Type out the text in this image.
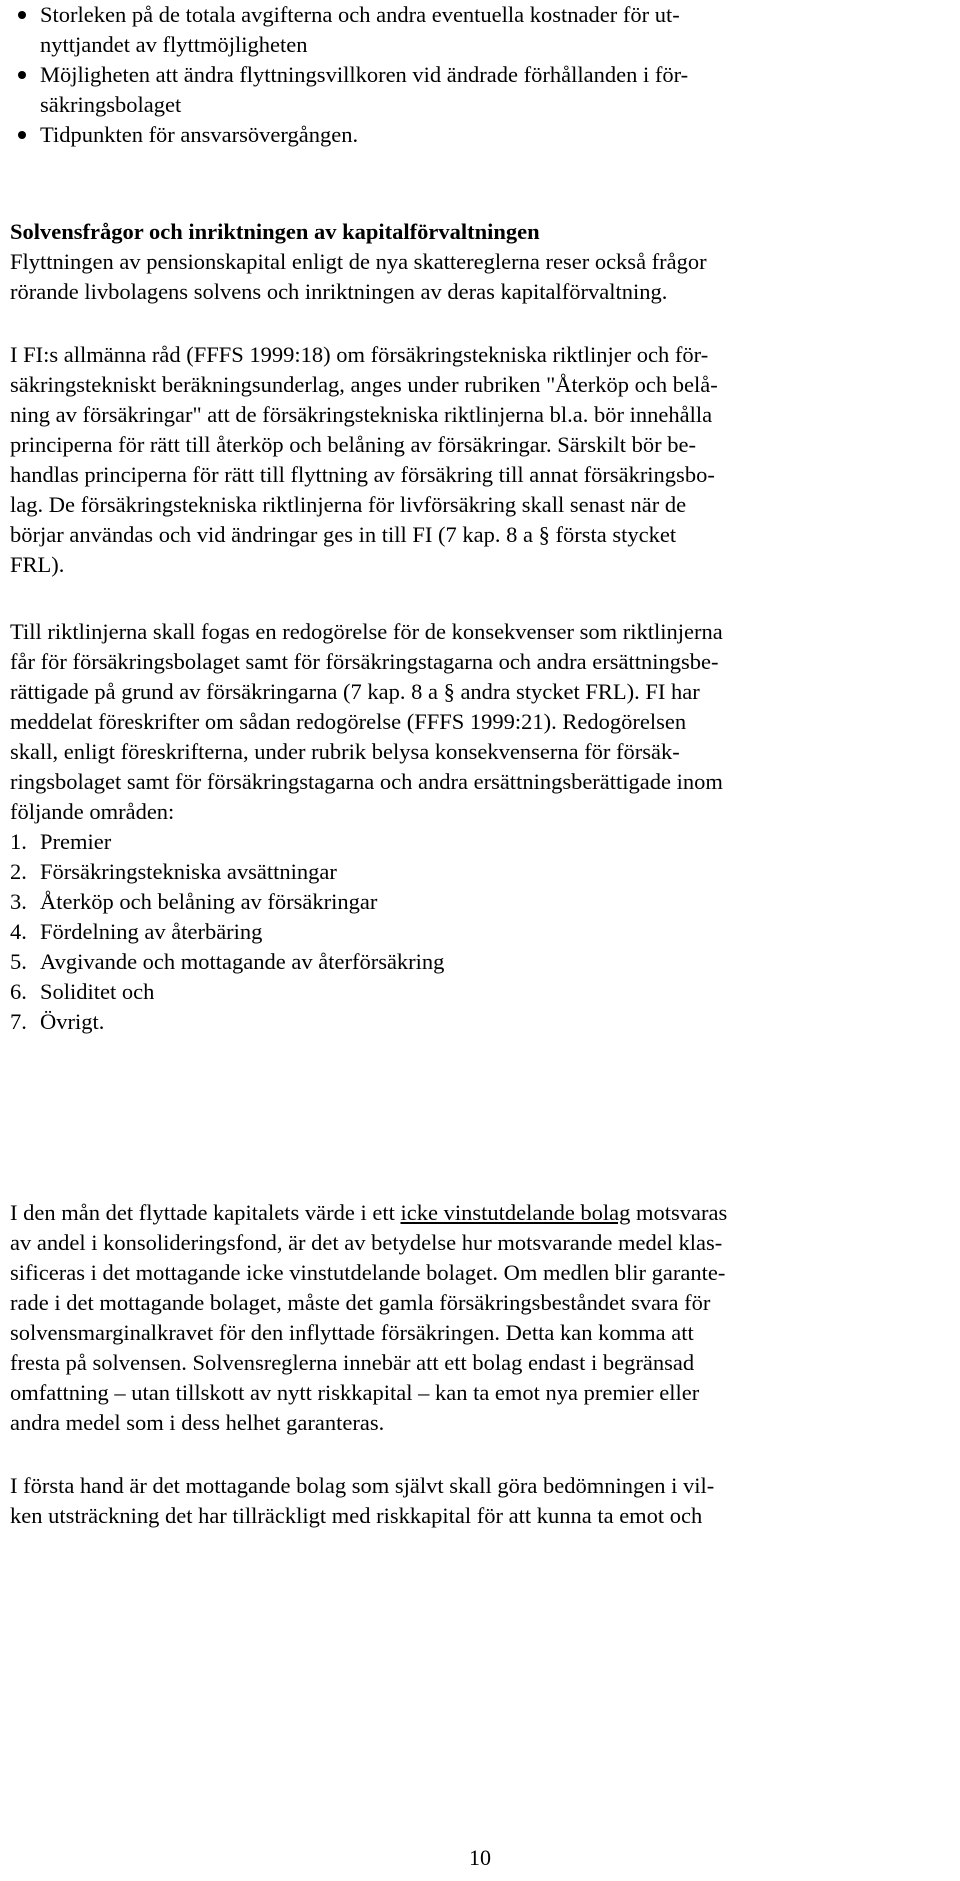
Storleken på de totala avgifterna och andra eventuella kostnader för ut-

nyttjandet av flyttmöjligheten

Möjligheten att ändra flyttningsvillkoren vid ändrade förhållanden i för-

säkringsbolaget

Tidpunkten för ansvarsövergången.

Solvensfrågor och inriktningen av kapitalförvaltningen

Flyttningen av pensionskapital enligt de nya skattereglerna reser också frågor

rörande livbolagens solvens och inriktningen av deras kapitalförvaltning.

I FI:s allmänna råd (FFFS 1999:18) om försäkringstekniska riktlinjer och för-

säkringstekniskt beräkningsunderlag, anges under rubriken "Återköp och belå-

ning av försäkringar" att de försäkringstekniska riktlinjerna bl.a. bör innehålla

principerna för rätt till återköp och belåning av försäkringar. Särskilt bör be-

handlas principerna för rätt till flyttning av försäkring till annat försäkringsbo-

lag. De försäkringstekniska riktlinjerna för livförsäkring skall senast när de

börjar användas och vid ändringar ges in till FI (7 kap. 8 a § första stycket

FRL).

Till riktlinjerna skall fogas en redogörelse för de konsekvenser som riktlinjerna

får för försäkringsbolaget samt för försäkringstagarna och andra ersättningsbe-

rättigade på grund av försäkringarna (7 kap. 8 a § andra stycket FRL). FI har

meddelat föreskrifter om sådan redogörelse (FFFS 1999:21). Redogörelsen

skall, enligt föreskrifterna, under rubrik belysa konsekvenserna för försäk-

ringsbolaget samt för försäkringstagarna och andra ersättningsberättigade inom

följande områden:

1. Premier

2. Försäkringstekniska avsättningar

3. Återköp och belåning av försäkringar

4. Fördelning av återbäring

5. Avgivande och mottagande av återförsäkring

6. Soliditet och

7. Övrigt.

I den mån det flyttade kapitalets värde i ett icke vinstutdelande bolag motsvaras

av andel i konsolideringsfond, är det av betydelse hur motsvarande medel klas-

sificeras i det mottagande icke vinstutdelande bolaget. Om medlen blir garante-

rade i det mottagande bolaget, måste det gamla försäkringsbeståndet svara för

solvensmarginalkravet för den inflyttade försäkringen. Detta kan komma att

fresta på solvensen. Solvensreglerna innebär att ett bolag endast i begränsad

omfattning – utan tillskott av nytt riskkapital – kan ta emot nya premier eller

andra medel som i dess helhet garanteras.

I första hand är det mottagande bolag som självt skall göra bedömningen i vil-

ken utsträckning det har tillräckligt med riskkapital för att kunna ta emot och

10
